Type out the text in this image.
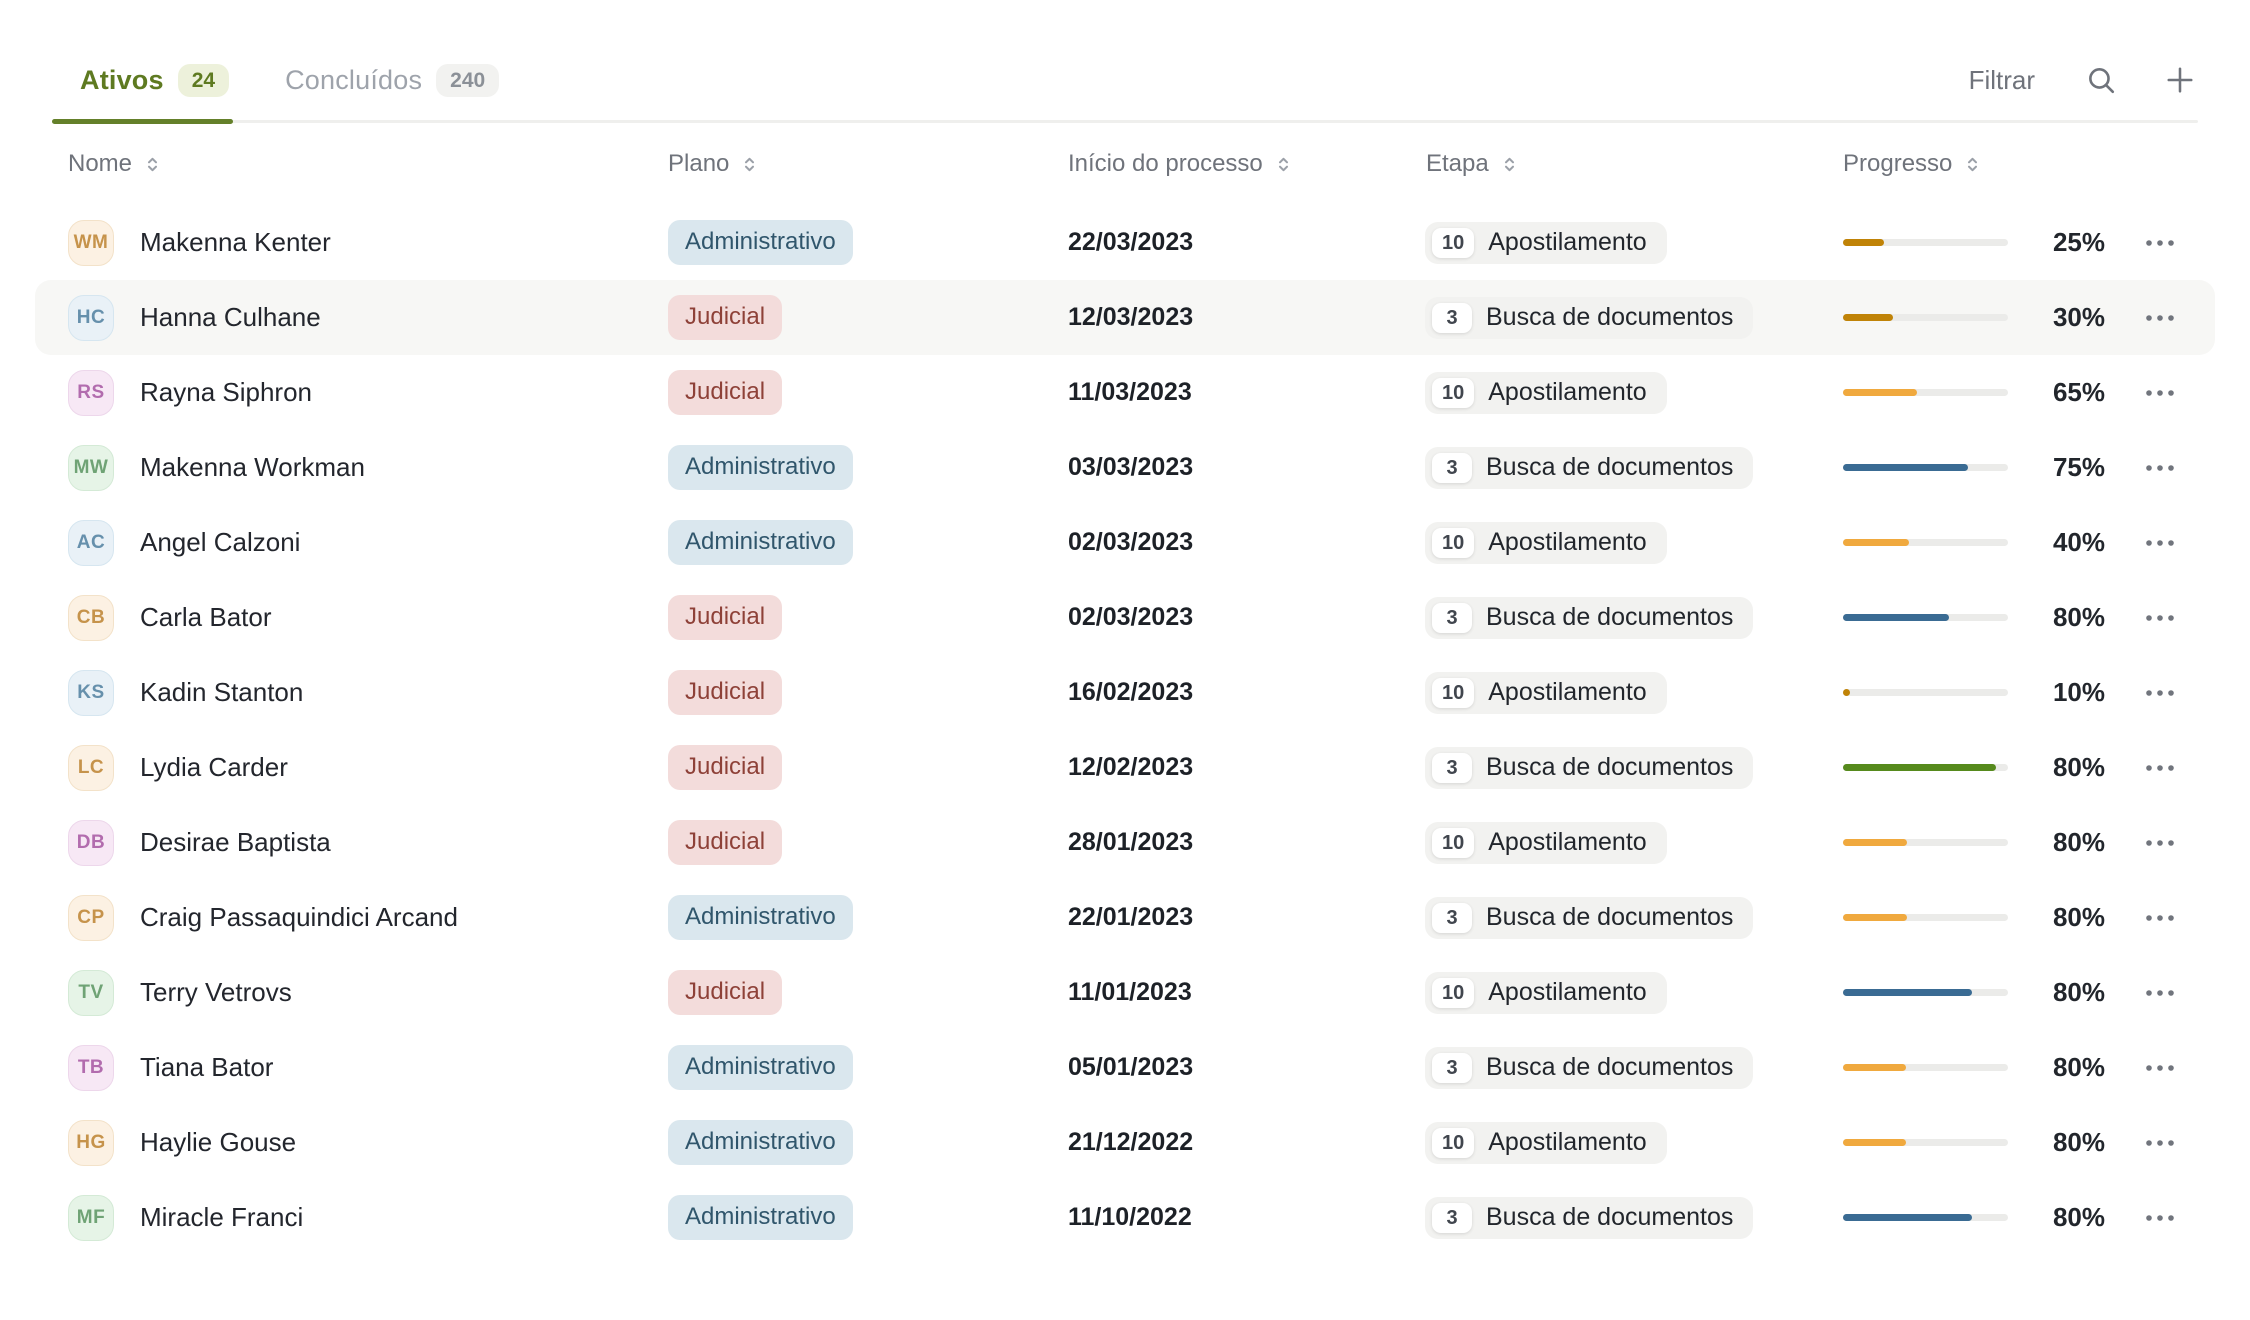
Ativos	24	Concluídos	240	Filtrar
Nome	Plano	Início do processo	Etapa	Progresso
WM Makenna Kenter	Administrativo	22/03/2023	10 Apostilamento	25%
HC	Hanna Culhane	Judicial	12/03/2023	3	Busca de documentos	30%
RS	Rayna Siphron	Judicial	11/03/2023	10 Apostilamento	65%
MW Makenna Workman	Administrativo	03/03/2023	3	Busca de documentos	75%
AC	Angel Calzoni	Administrativo	02/03/2023	10 Apostilamento	40%
CB	Carla Bator	Judicial	02/03/2023	3	Busca de documentos	80%
KS	Kadin Stanton	Judicial	16/02/2023	10 Apostilamento	10%
LC	Lydia Carder	Judicial	12/02/2023	3	Busca de documentos	80%
DB	Desirae Baptista	Judicial	28/01/2023	10 Apostilamento	80%
CP	Craig Passaquindici Arcand	Administrativo	22/01/2023	3	Busca de documentos	80%
TV	Terry Vetrovs	Judicial	11/01/2023	10 Apostilamento	80%
TB	Tiana Bator	Administrativo	05/01/2023	3	Busca de documentos	80%
HG	Haylie Gouse	Administrativo	21/12/2022	10 Apostilamento	80%
MF	Miracle Franci	Administrativo	11/10/2022	3	Busca de documentos	80%
